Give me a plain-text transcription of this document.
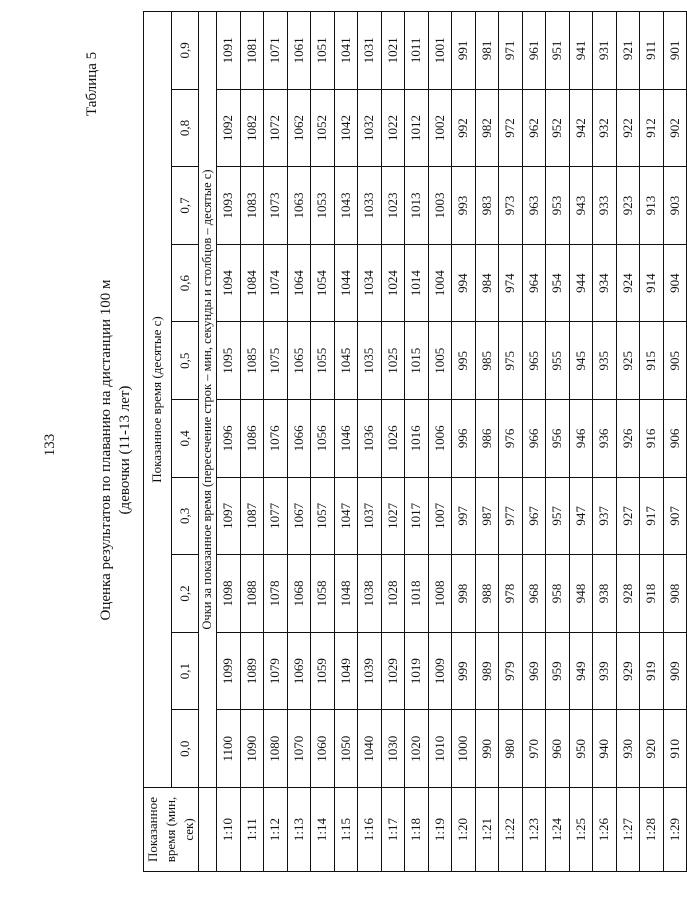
133
Таблица 5
Оценка результатов по плаванию на дистанции 100 м (девочки (11-13 лет)
Показанное время (мин, сек)	Показанное время (десятые с)									
	0,0	0,1	0,2	0,3	0,4	0,5	0,6	0,7	0,8	0,9
	Очки за показанное время (пересечение строк – мин, секунды и столбцов – десятые с)									
1:10	1100	1099	1098	1097	1096	1095	1094	1093	1092	1091
1:11	1090	1089	1088	1087	1086	1085	1084	1083	1082	1081
1:12	1080	1079	1078	1077	1076	1075	1074	1073	1072	1071
1:13	1070	1069	1068	1067	1066	1065	1064	1063	1062	1061
1:14	1060	1059	1058	1057	1056	1055	1054	1053	1052	1051
1:15	1050	1049	1048	1047	1046	1045	1044	1043	1042	1041
1:16	1040	1039	1038	1037	1036	1035	1034	1033	1032	1031
1:17	1030	1029	1028	1027	1026	1025	1024	1023	1022	1021
1:18	1020	1019	1018	1017	1016	1015	1014	1013	1012	1011
1:19	1010	1009	1008	1007	1006	1005	1004	1003	1002	1001
1:20	1000	999	998	997	996	995	994	993	992	991
1:21	990	989	988	987	986	985	984	983	982	981
1:22	980	979	978	977	976	975	974	973	972	971
1:23	970	969	968	967	966	965	964	963	962	961
1:24	960	959	958	957	956	955	954	953	952	951
1:25	950	949	948	947	946	945	944	943	942	941
1:26	940	939	938	937	936	935	934	933	932	931
1:27	930	929	928	927	926	925	924	923	922	921
1:28	920	919	918	917	916	915	914	913	912	911
1:29	910	909	908	907	906	905	904	903	902	901
